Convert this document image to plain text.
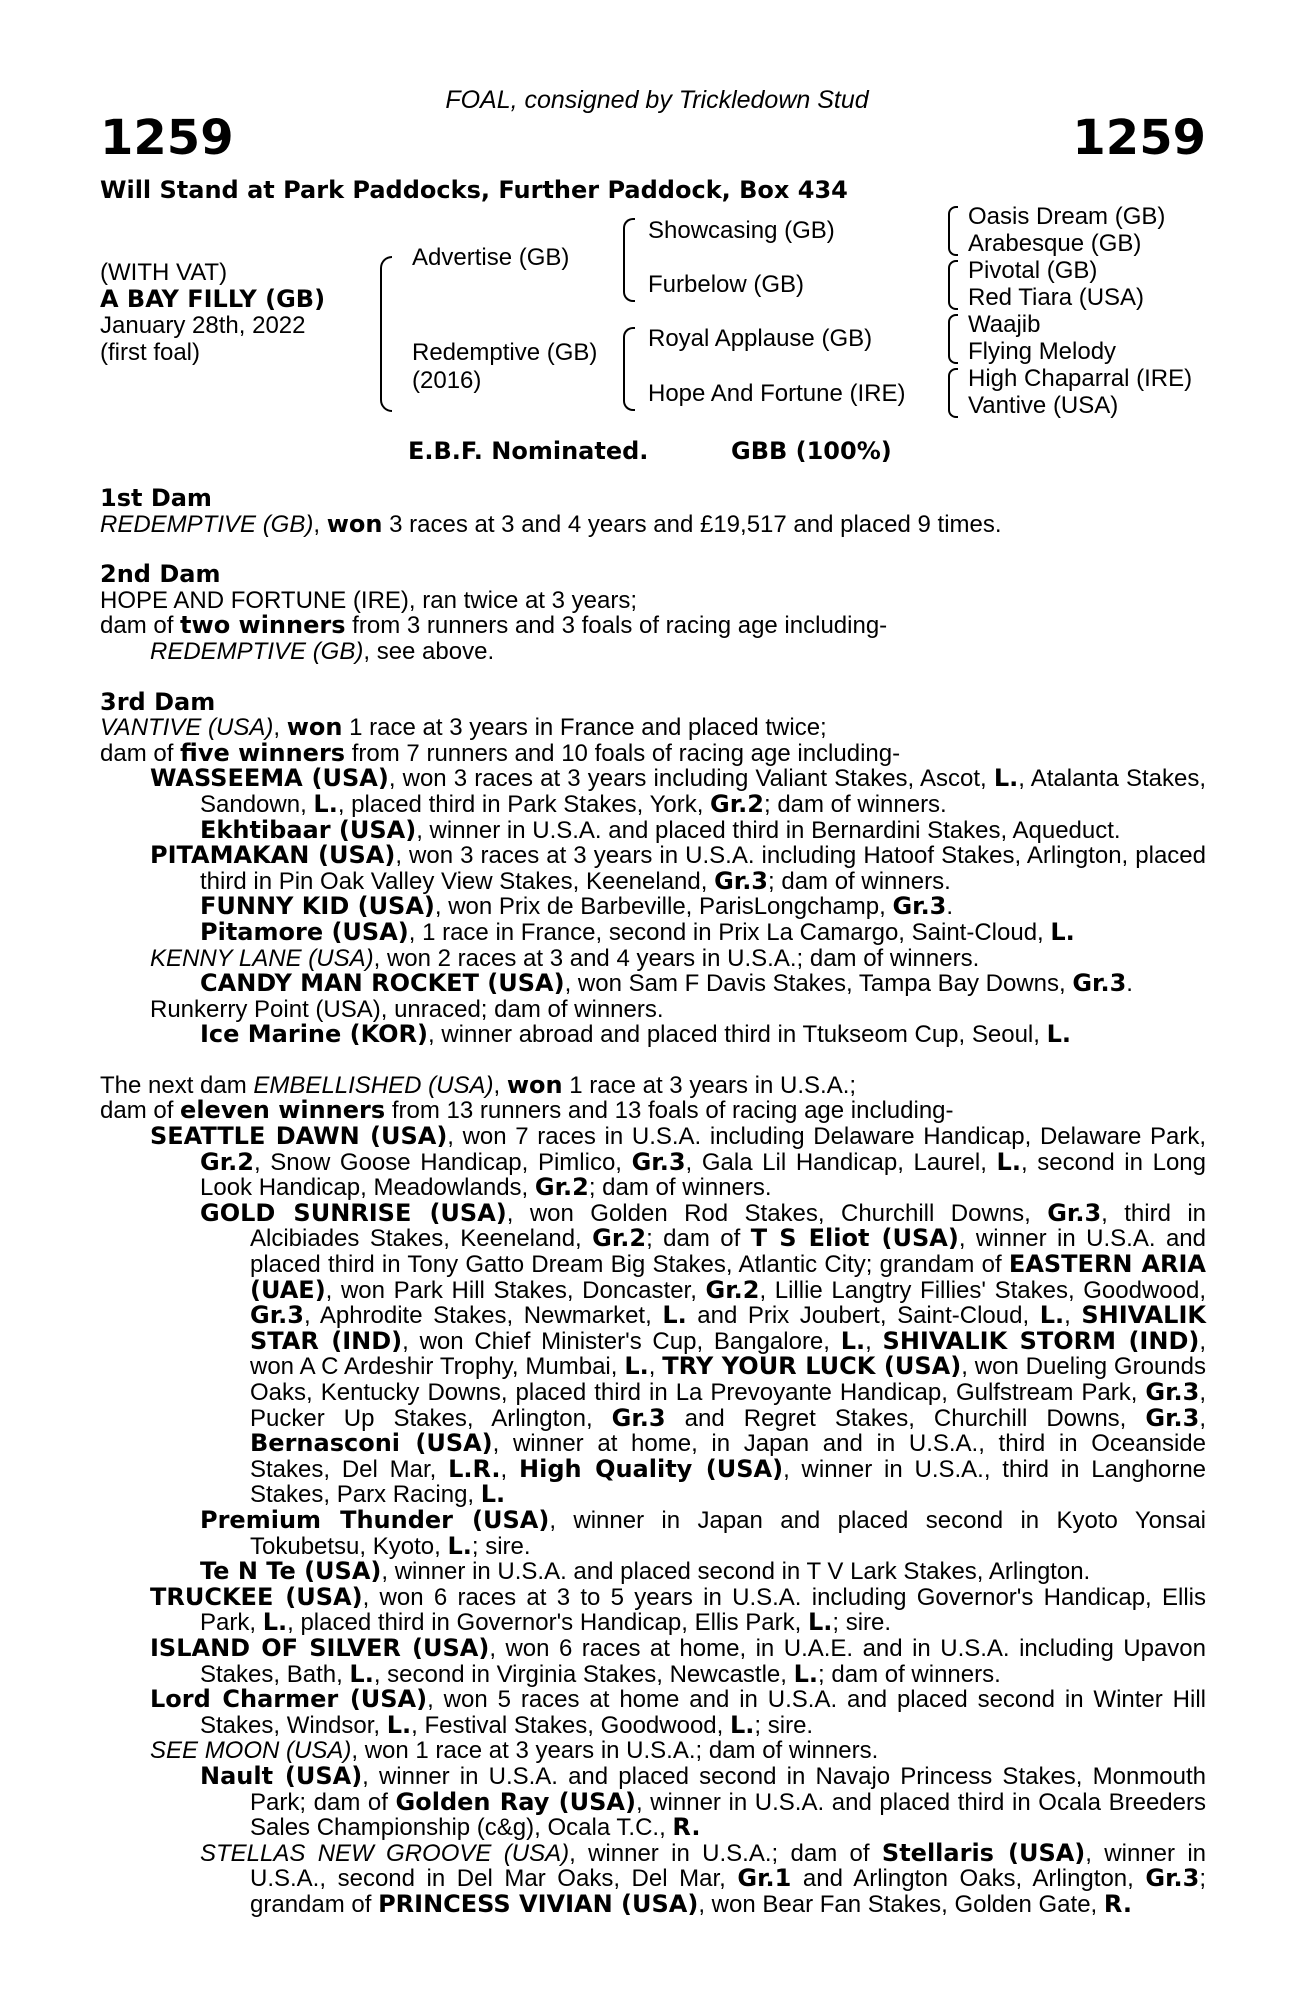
FOAL, consigned by Trickledown Stud
1259	1259
Will Stand at Park Paddocks, Further Paddock, Box 434
(WITH VAT)
A BAY FILLY (GB)
January 28th, 2022
(first foal)
Advertise (GB)
Redemptive (GB)
(2016)
Showcasing (GB)
Furbelow (GB)
Royal Applause (GB)
Hope And Fortune (IRE)
Oasis Dream (GB)
Arabesque (GB)
Pivotal (GB)
Red Tiara (USA)
Waajib
Flying Melody
High Chaparral (IRE)
Vantive (USA)
E.B.F. Nominated.	GBB (100%)

1st Dam

REDEMPTIVE (GB), won 3 races at 3 and 4 years and £19,517 and placed 9 times.

2nd Dam

HOPE AND FORTUNE (IRE), ran twice at 3 years;

dam of two winners from 3 runners and 3 foals of racing age including-

REDEMPTIVE (GB), see above.

3rd Dam

VANTIVE (USA), won 1 race at 3 years in France and placed twice;

dam of five winners from 7 runners and 10 foals of racing age including-

WASSEEMA (USA), won 3 races at 3 years including Valiant Stakes, Ascot, L., Atalanta Stakes, Sandown, L., placed third in Park Stakes, York, Gr.2; dam of winners.

Ekhtibaar (USA), winner in U.S.A. and placed third in Bernardini Stakes, Aqueduct.

PITAMAKAN (USA), won 3 races at 3 years in U.S.A. including Hatoof Stakes, Arlington, placed third in Pin Oak Valley View Stakes, Keeneland, Gr.3; dam of winners.

FUNNY KID (USA), won Prix de Barbeville, ParisLongchamp, Gr.3.

Pitamore (USA), 1 race in France, second in Prix La Camargo, Saint-Cloud, L.

KENNY LANE (USA), won 2 races at 3 and 4 years in U.S.A.; dam of winners.

CANDY MAN ROCKET (USA), won Sam F Davis Stakes, Tampa Bay Downs, Gr.3.

Runkerry Point (USA), unraced; dam of winners.

Ice Marine (KOR), winner abroad and placed third in Ttukseom Cup, Seoul, L.

The next dam EMBELLISHED (USA), won 1 race at 3 years in U.S.A.;

dam of eleven winners from 13 runners and 13 foals of racing age including-

SEATTLE DAWN (USA), won 7 races in U.S.A. including Delaware Handicap, Delaware Park, Gr.2, Snow Goose Handicap, Pimlico, Gr.3, Gala Lil Handicap, Laurel, L., second in Long Look Handicap, Meadowlands, Gr.2; dam of winners.

GOLD SUNRISE (USA), won Golden Rod Stakes, Churchill Downs, Gr.3, third in Alcibiades Stakes, Keeneland, Gr.2; dam of T S Eliot (USA), winner in U.S.A. and placed third in Tony Gatto Dream Big Stakes, Atlantic City; grandam of EASTERN ARIA (UAE), won Park Hill Stakes, Doncaster, Gr.2, Lillie Langtry Fillies' Stakes, Goodwood, Gr.3, Aphrodite Stakes, Newmarket, L. and Prix Joubert, Saint-Cloud, L., SHIVALIK STAR (IND), won Chief Minister's Cup, Bangalore, L., SHIVALIK STORM (IND), won A C Ardeshir Trophy, Mumbai, L., TRY YOUR LUCK (USA), won Dueling Grounds Oaks, Kentucky Downs, placed third in La Prevoyante Handicap, Gulfstream Park, Gr.3, Pucker Up Stakes, Arlington, Gr.3 and Regret Stakes, Churchill Downs, Gr.3, Bernasconi (USA), winner at home, in Japan and in U.S.A., third in Oceanside Stakes, Del Mar, L.R., High Quality (USA), winner in U.S.A., third in Langhorne Stakes, Parx Racing, L.

Premium Thunder (USA), winner in Japan and placed second in Kyoto Yonsai Tokubetsu, Kyoto, L.; sire.

Te N Te (USA), winner in U.S.A. and placed second in T V Lark Stakes, Arlington.

TRUCKEE (USA), won 6 races at 3 to 5 years in U.S.A. including Governor's Handicap, Ellis Park, L., placed third in Governor's Handicap, Ellis Park, L.; sire.

ISLAND OF SILVER (USA), won 6 races at home, in U.A.E. and in U.S.A. including Upavon Stakes, Bath, L., second in Virginia Stakes, Newcastle, L.; dam of winners.

Lord Charmer (USA), won 5 races at home and in U.S.A. and placed second in Winter Hill Stakes, Windsor, L., Festival Stakes, Goodwood, L.; sire.

SEE MOON (USA), won 1 race at 3 years in U.S.A.; dam of winners.

Nault (USA), winner in U.S.A. and placed second in Navajo Princess Stakes, Monmouth Park; dam of Golden Ray (USA), winner in U.S.A. and placed third in Ocala Breeders Sales Championship (c&g), Ocala T.C., R.

STELLAS NEW GROOVE (USA), winner in U.S.A.; dam of Stellaris (USA), winner in U.S.A., second in Del Mar Oaks, Del Mar, Gr.1 and Arlington Oaks, Arlington, Gr.3; grandam of PRINCESS VIVIAN (USA), won Bear Fan Stakes, Golden Gate, R.
